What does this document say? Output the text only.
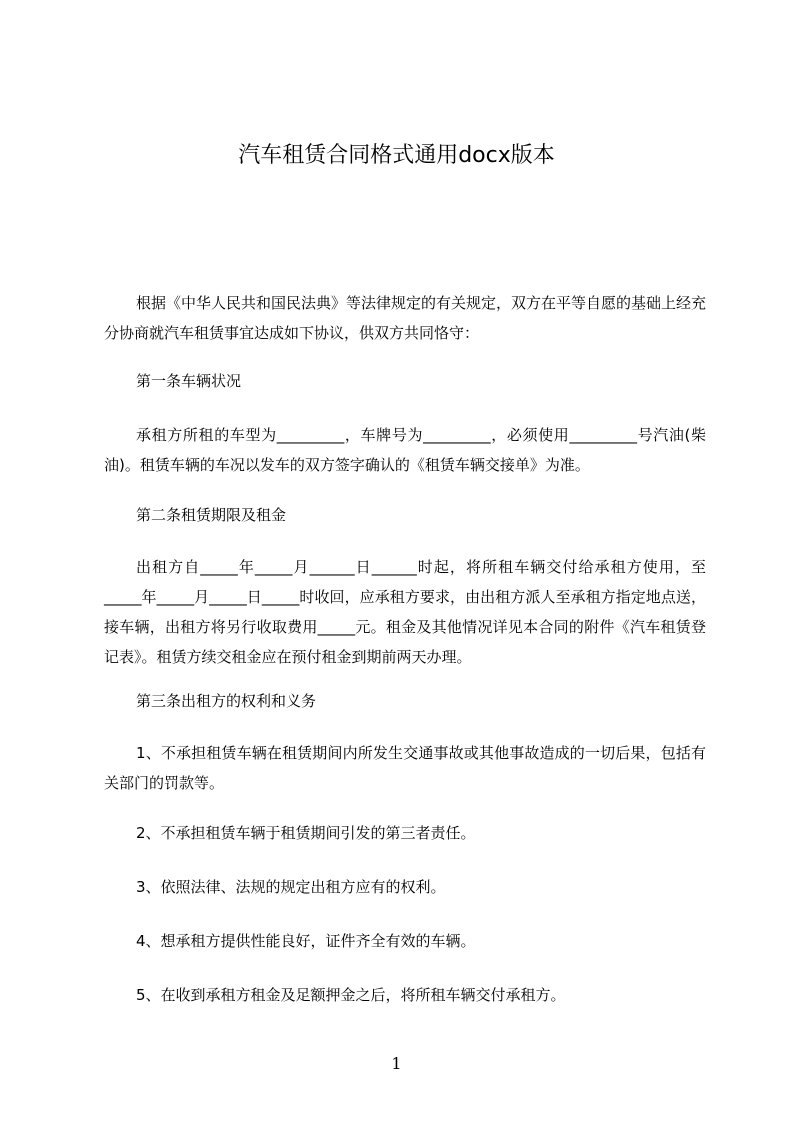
汽车租赁合同格式通用docx版本

根据《中华人民共和国民法典》等法律规定的有关规定，双方在平等自愿的基础上经充分协商就汽车租赁事宜达成如下协议，供双方共同恪守：

第一条车辆状况

承租方所租的车型为_________，车牌号为_________，必须使用_________号汽油(柴油)。租赁车辆的车况以发车的双方签字确认的《租赁车辆交接单》为准。

第二条租赁期限及租金

出租方自_____年_____月______日______时起，将所租车辆交付给承租方使用，至_____年_____月_____日_____时收回，应承租方要求，由出租方派人至承租方指定地点送，接车辆，出租方将另行收取费用_____元。租金及其他情况详见本合同的附件《汽车租赁登记表》。租赁方续交租金应在预付租金到期前两天办理。

第三条出租方的权利和义务

1、不承担租赁车辆在租赁期间内所发生交通事故或其他事故造成的一切后果，包括有关部门的罚款等。

2、不承担租赁车辆于租赁期间引发的第三者责任。

3、依照法律、法规的规定出租方应有的权利。

4、想承租方提供性能良好，证件齐全有效的车辆。

5、在收到承租方租金及足额押金之后，将所租车辆交付承租方。

1
